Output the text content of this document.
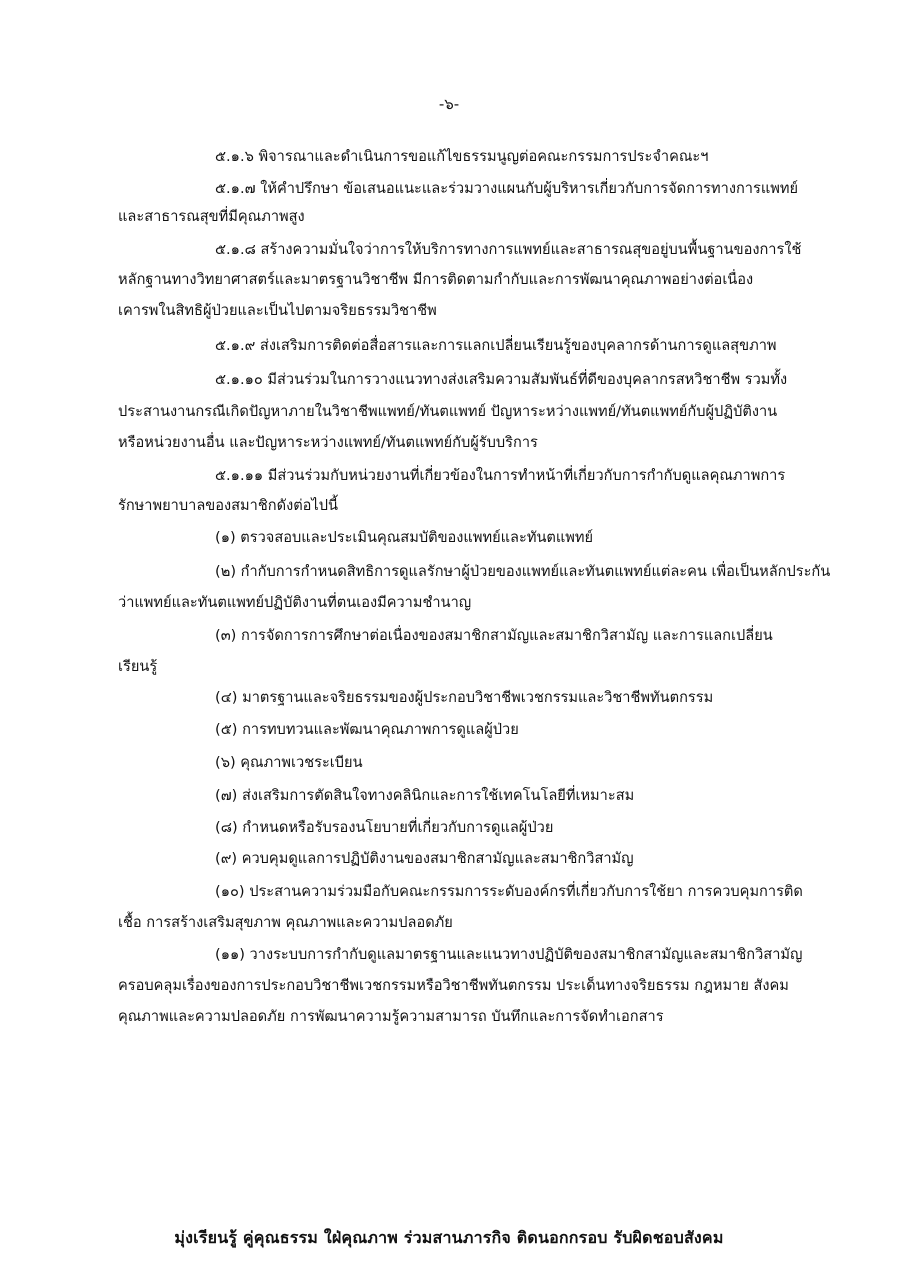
-๖-
๕.๑.๖ พิจารณาและดำเนินการขอแก้ไขธรรมนูญต่อคณะกรรมการประจำคณะฯ
๕.๑.๗ ให้คำปรึกษา ข้อเสนอแนะและร่วมวางแผนกับผู้บริหารเกี่ยวกับการจัดการทางการแพทย์
และสาธารณสุขที่มีคุณภาพสูง
๕.๑.๘ สร้างความมั่นใจว่าการให้บริการทางการแพทย์และสาธารณสุขอยู่บนพื้นฐานของการใช้
หลักฐานทางวิทยาศาสตร์และมาตรฐานวิชาชีพ มีการติดตามกำกับและการพัฒนาคุณภาพอย่างต่อเนื่อง
เคารพในสิทธิผู้ป่วยและเป็นไปตามจริยธรรมวิชาชีพ
๕.๑.๙ ส่งเสริมการติดต่อสื่อสารและการแลกเปลี่ยนเรียนรู้ของบุคลากรด้านการดูแลสุขภาพ
๕.๑.๑๐ มีส่วนร่วมในการวางแนวทางส่งเสริมความสัมพันธ์ที่ดีของบุคลากรสหวิชาชีพ รวมทั้ง
ประสานงานกรณีเกิดปัญหาภายในวิชาชีพแพทย์/ทันตแพทย์ ปัญหาระหว่างแพทย์/ทันตแพทย์กับผู้ปฏิบัติงาน
หรือหน่วยงานอื่น และปัญหาระหว่างแพทย์/ทันตแพทย์กับผู้รับบริการ
๕.๑.๑๑ มีส่วนร่วมกับหน่วยงานที่เกี่ยวข้องในการทำหน้าที่เกี่ยวกับการกำกับดูแลคุณภาพการ
รักษาพยาบาลของสมาชิกดังต่อไปนี้
(๑) ตรวจสอบและประเมินคุณสมบัติของแพทย์และทันตแพทย์
(๒) กำกับการกำหนดสิทธิการดูแลรักษาผู้ป่วยของแพทย์และทันตแพทย์แต่ละคน เพื่อเป็นหลักประกัน
ว่าแพทย์และทันตแพทย์ปฏิบัติงานที่ตนเองมีความชำนาญ
(๓) การจัดการการศึกษาต่อเนื่องของสมาชิกสามัญและสมาชิกวิสามัญ และการแลกเปลี่ยน
เรียนรู้
(๔) มาตรฐานและจริยธรรมของผู้ประกอบวิชาชีพเวชกรรมและวิชาชีพทันตกรรม
(๕) การทบทวนและพัฒนาคุณภาพการดูแลผู้ป่วย
(๖) คุณภาพเวชระเบียน
(๗) ส่งเสริมการตัดสินใจทางคลินิกและการใช้เทคโนโลยีที่เหมาะสม
(๘) กำหนดหรือรับรองนโยบายที่เกี่ยวกับการดูแลผู้ป่วย
(๙) ควบคุมดูแลการปฏิบัติงานของสมาชิกสามัญและสมาชิกวิสามัญ
(๑๐) ประสานความร่วมมือกับคณะกรรมการระดับองค์กรที่เกี่ยวกับการใช้ยา การควบคุมการติด
เชื้อ การสร้างเสริมสุขภาพ คุณภาพและความปลอดภัย
(๑๑) วางระบบการกำกับดูแลมาตรฐานและแนวทางปฏิบัติของสมาชิกสามัญและสมาชิกวิสามัญ
ครอบคลุมเรื่องของการประกอบวิชาชีพเวชกรรมหรือวิชาชีพทันตกรรม ประเด็นทางจริยธรรม กฎหมาย สังคม
คุณภาพและความปลอดภัย การพัฒนาความรู้ความสามารถ บันทึกและการจัดทำเอกสาร
มุ่งเรียนรู้ คู่คุณธรรม ใฝ่คุณภาพ ร่วมสานภารกิจ ติดนอกกรอบ รับผิดชอบสังคม
